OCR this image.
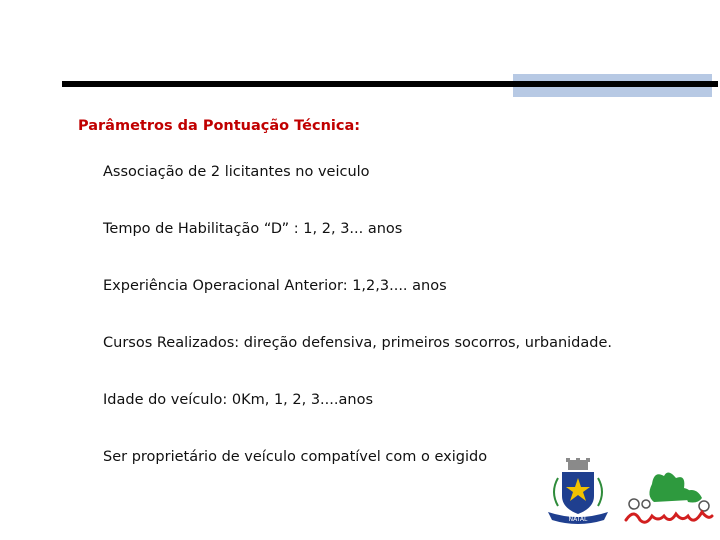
Parâmetros da Pontuação Técnica:
Associação de 2 licitantes no veiculo
Tempo de Habilitação “D” : 1, 2, 3... anos
Experiência Operacional Anterior: 1,2,3.... anos
Cursos Realizados: direção defensiva, primeiros socorros, urbanidade.
Idade do veículo: 0Km, 1, 2, 3....anos
Ser proprietário de veículo compatível com o exigido
NATAL
